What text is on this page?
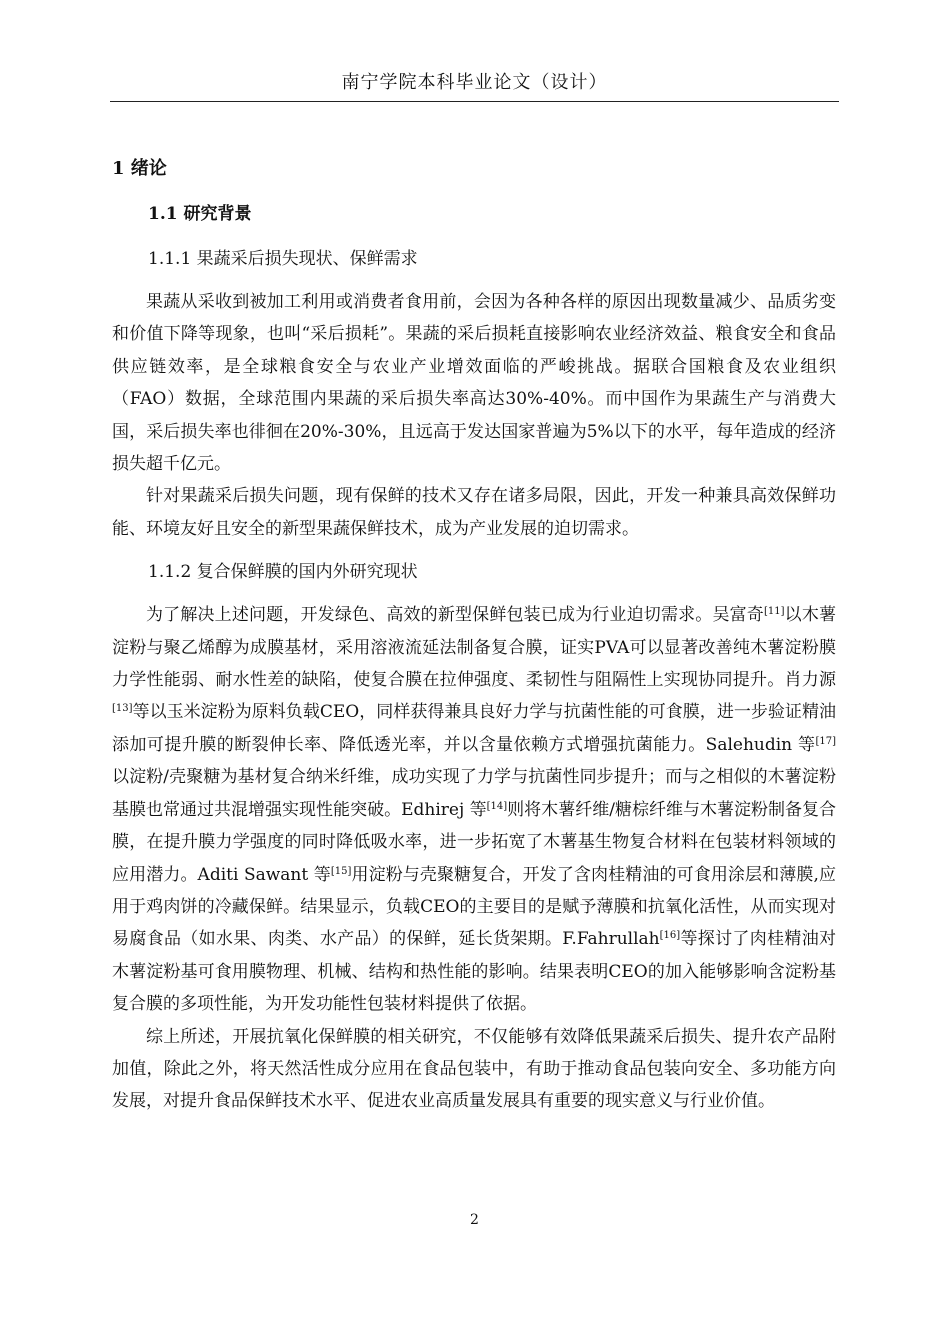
南宁学院本科毕业论文（设计）
1 绪论
1.1 研究背景
1.1.1 果蔬采后损失现状、保鲜需求

果蔬从采收到被加工利用或消费者食用前，会因为各种各样的原因出现数量减少、品质劣变和价值下降等现象，也叫“采后损耗”。果蔬的采后损耗直接影响农业经济效益、粮食安全和食品供应链效率，是全球粮食安全与农业产业增效面临的严峻挑战。据联合国粮食及农业组织（FAO）数据，全球范围内果蔬的采后损失率高达30%-40%。而中国作为果蔬生产与消费大国，采后损失率也徘徊在20%-30%，且远高于发达国家普遍为5%以下的水平，每年造成的经济损失超千亿元。

针对果蔬采后损失问题，现有保鲜的技术又存在诸多局限，因此，开发一种兼具高效保鲜功能、环境友好且安全的新型果蔬保鲜技术，成为产业发展的迫切需求。

1.1.2 复合保鲜膜的国内外研究现状

为了解决上述问题，开发绿色、高效的新型保鲜包装已成为行业迫切需求。吴富奇[11]以木薯淀粉与聚乙烯醇为成膜基材，采用溶液流延法制备复合膜，证实PVA可以显著改善纯木薯淀粉膜力学性能弱、耐水性差的缺陷，使复合膜在拉伸强度、柔韧性与阻隔性上实现协同提升。肖力源[13]等以玉米淀粉为原料负载CEO，同样获得兼具良好力学与抗菌性能的可食膜，进一步验证精油添加可提升膜的断裂伸长率、降低透光率，并以含量依赖方式增强抗菌能力。Salehudin 等[17]以淀粉/壳聚糖为基材复合纳米纤维，成功实现了力学与抗菌性同步提升；而与之相似的木薯淀粉基膜也常通过共混增强实现性能突破。Edhirej 等[14]则将木薯纤维/糖棕纤维与木薯淀粉制备复合膜，在提升膜力学强度的同时降低吸水率，进一步拓宽了木薯基生物复合材料在包装材料领域的应用潜力。Aditi Sawant 等[15]用淀粉与壳聚糖复合，开发了含肉桂精油的可食用涂层和薄膜,应用于鸡肉饼的冷藏保鲜。结果显示，负载CEO的主要目的是赋予薄膜和抗氧化活性，从而实现对易腐食品（如水果、肉类、水产品）的保鲜，延长货架期。F.Fahrullah[16]等探讨了肉桂精油对木薯淀粉基可食用膜物理、机械、结构和热性能的影响。结果表明CEO的加入能够影响含淀粉基复合膜的多项性能，为开发功能性包装材料提供了依据。

综上所述，开展抗氧化保鲜膜的相关研究，不仅能够有效降低果蔬采后损失、提升农产品附加值，除此之外，将天然活性成分应用在食品包装中，有助于推动食品包装向安全、多功能方向发展，对提升食品保鲜技术水平、促进农业高质量发展具有重要的现实意义与行业价值。

2
